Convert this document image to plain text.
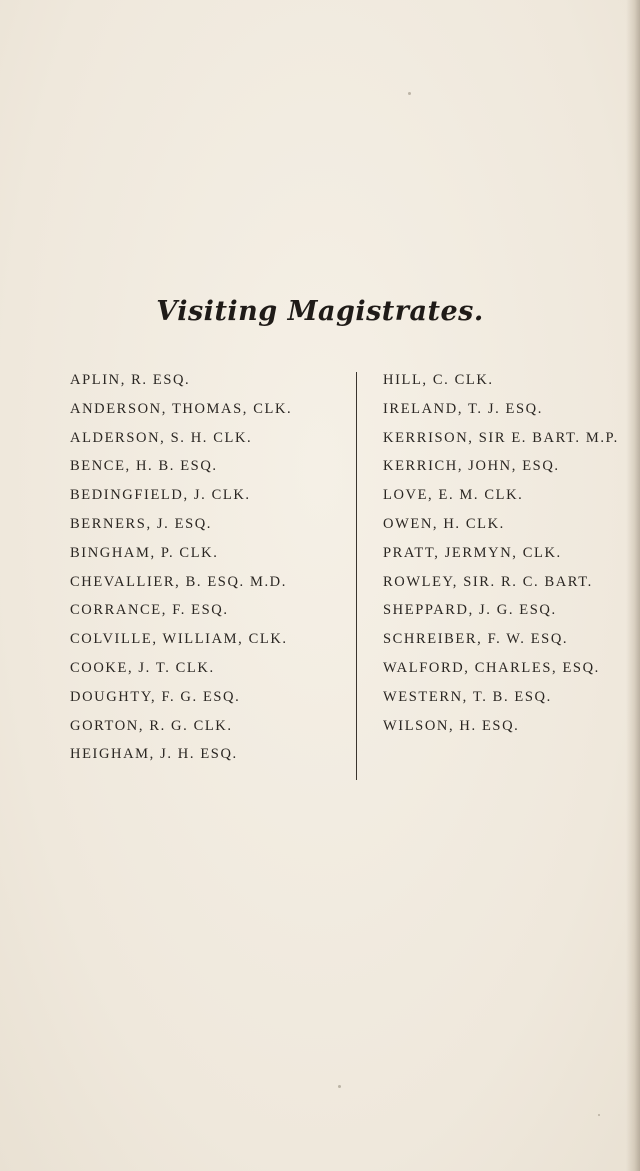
Visiting Magistrates.
APLIN, R. ESQ.
ANDERSON, THOMAS, CLK.
ALDERSON, S. H. CLK.
BENCE, H. B. ESQ.
BEDINGFIELD, J. CLK.
BERNERS, J. ESQ.
BINGHAM, P. CLK.
CHEVALLIER, B. ESQ. M.D.
CORRANCE, F. ESQ.
COLVILLE, WILLIAM, CLK.
COOKE, J. T. CLK.
DOUGHTY, F. G. ESQ.
GORTON, R. G. CLK.
HEIGHAM, J. H. ESQ.
HILL, C. CLK.
IRELAND, T. J. ESQ.
KERRISON, SIR E. BART. M.P.
KERRICH, JOHN, ESQ.
LOVE, E. M. CLK.
OWEN, H. CLK.
PRATT, JERMYN, CLK.
ROWLEY, SIR. R. C. BART.
SHEPPARD, J. G. ESQ.
SCHREIBER, F. W. ESQ.
WALFORD, CHARLES, ESQ.
WESTERN, T. B. ESQ.
WILSON, H. ESQ.
